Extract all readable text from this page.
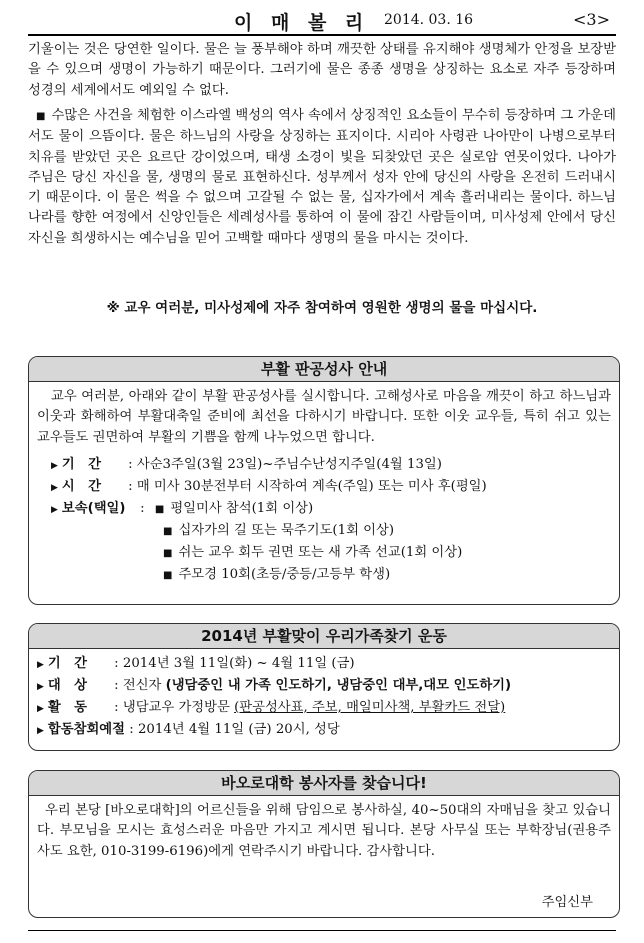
이 매 볼 리 2014. 03. 16	<3>

기울이는 것은 당연한 일이다. 물은 늘 풍부해야 하며 깨끗한 상태를 유지해야 생명체가 안정을 보장받을 수 있으며 생명이 가능하기 때문이다. 그러기에 물은 종종 생명을 상징하는 요소로 자주 등장하며 성경의 세계에서도 예외일 수 없다.

■ 수많은 사건을 체험한 이스라엘 백성의 역사 속에서 상징적인 요소들이 무수히 등장하며 그 가운데서도 물이 으뜸이다. 물은 하느님의 사랑을 상징하는 표지이다. 시리아 사령관 나아만이 나병으로부터 치유를 받았던 곳은 요르단 강이었으며, 태생 소경이 빛을 되찾았던 곳은 실로암 연못이었다. 나아가 주님은 당신 자신을 물, 생명의 물로 표현하신다. 성부께서 성자 안에 당신의 사랑을 온전히 드러내시기 때문이다. 이 물은 썩을 수 없으며 고갈될 수 없는 물, 십자가에서 계속 흘러내리는 물이다. 하느님 나라를 향한 여정에서 신앙인들은 세례성사를 통하여 이 물에 잠긴 사람들이며, 미사성제 안에서 당신 자신을 희생하시는 예수님을 믿어 고백할 때마다 생명의 물을 마시는 것이다.

※ 교우 여러분, 미사성제에 자주 참여하여 영원한 생명의 물을 마십시다.
부활 판공성사 안내

교우 여러분, 아래와 같이 부활 판공성사를 실시합니다. 고해성사로 마음을 깨끗이 하고 하느님과 이웃과 화해하여 부활대축일 준비에 최선을 다하시기 바랍니다. 또한 이웃 교우들, 특히 쉬고 있는 교우들도 권면하여 부활의 기쁨을 함께 나누었으면 합니다.

▶ 기　간 : 사순3주일(3월 23일)~주님수난성지주일(4월 13일)
▶ 시　간 : 매 미사 30분전부터 시작하여 계속(주일) 또는 미사 후(평일)
▶ 보속(택일) : ■ 평일미사 참석(1회 이상)
■ 십자가의 길 또는 묵주기도(1회 이상)
■ 쉬는 교우 회두 권면 또는 새 가족 선교(1회 이상)
■ 주모경 10회(초등/중등/고등부 학생)
2014년 부활맞이 우리가족찾기 운동
▶ 기　간 : 2014년 3월 11일(화) ~ 4월 11일 (금)
▶ 대　상 : 전신자 (냉담중인 내 가족 인도하기, 냉담중인 대부,대모 인도하기)
▶ 활　동 : 냉담교우 가정방문 (판공성사표, 주보, 매일미사책, 부활카드 전달)
▶ 합동참회예절 : 2014년 4월 11일 (금) 20시, 성당
바오로대학 봉사자를 찾습니다!

우리 본당 [바오로대학]의 어르신들을 위해 담임으로 봉사하실, 40~50대의 자매님을 찾고 있습니다. 부모님을 모시는 효성스러운 마음만 가지고 계시면 됩니다. 본당 사무실 또는 부학장님(권용주 사도 요한, 010-3199-6196)에게 연락주시기 바랍니다. 감사합니다.

주임신부
